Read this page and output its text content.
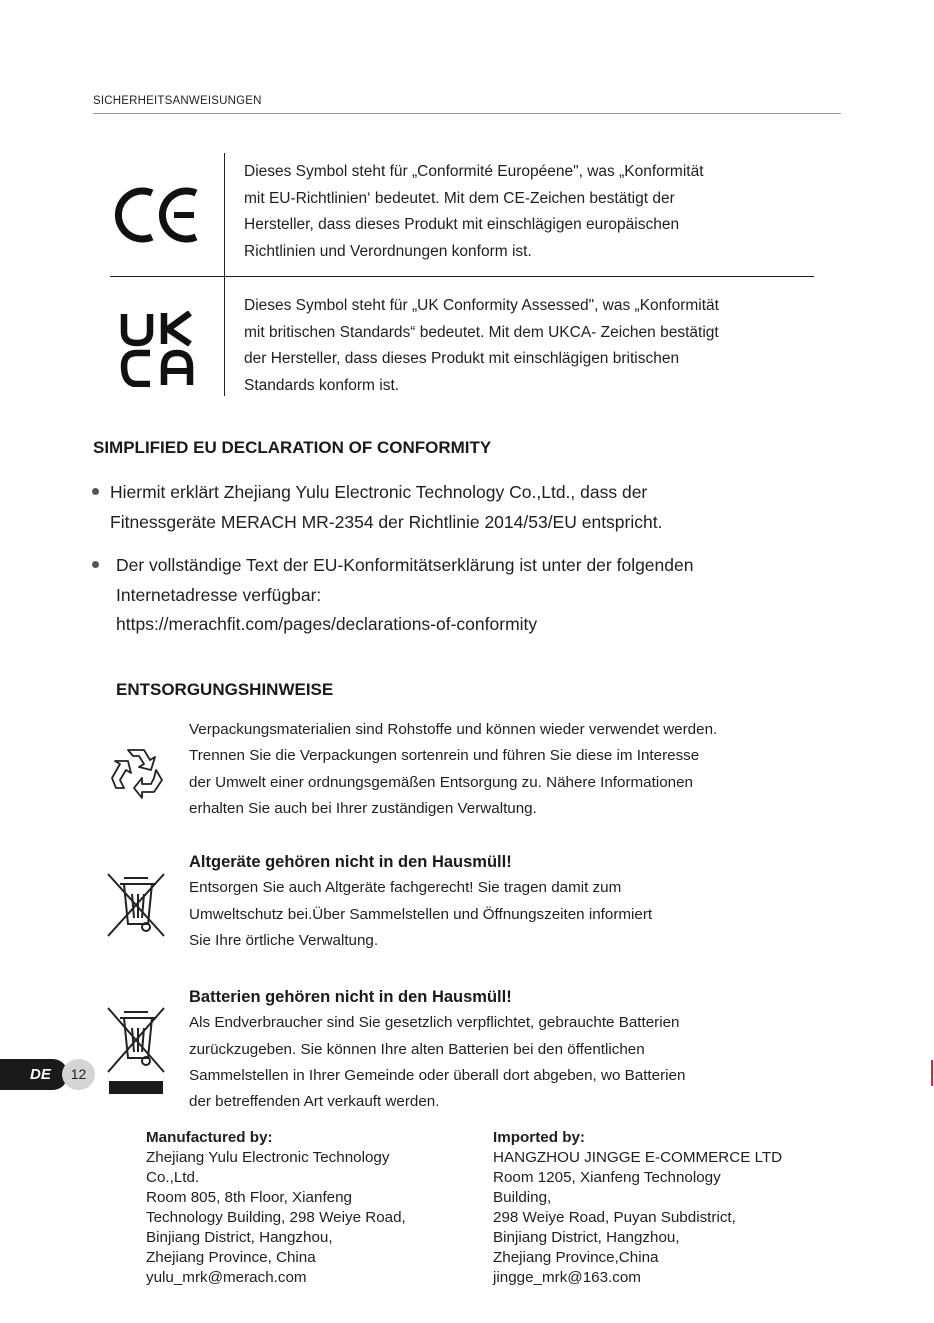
SICHERHEITSANWEISUNGEN
Dieses Symbol steht für „Conformité Européene", was „Konformität
mit EU-Richtlinien‘ bedeutet. Mit dem CE-Zeichen bestätigt der
Hersteller, dass dieses Produkt mit einschlägigen europäischen
Richtlinien und Verordnungen konform ist.
Dieses Symbol steht für „UK Conformity Assessed", was „Konformität
mit britischen Standards“ bedeutet. Mit dem UKCA- Zeichen bestätigt
der Hersteller, dass dieses Produkt mit einschlägigen britischen
Standards konform ist.
SIMPLIFIED EU DECLARATION OF CONFORMITY
Hiermit erklärt Zhejiang Yulu Electronic Technology Co.,Ltd., dass der
Fitnessgeräte MERACH MR-2354 der Richtlinie 2014/53/EU entspricht.
Der vollständige Text der EU-Konformitätserklärung ist unter der folgenden
Internetadresse verfügbar:
https://merachfit.com/pages/declarations-of-conformity
ENTSORGUNGSHINWEISE
Verpackungsmaterialien sind Rohstoffe und können wieder verwendet werden.
Trennen Sie die Verpackungen sortenrein und führen Sie diese im Interesse
der Umwelt einer ordnungsgemäßen Entsorgung zu. Nähere Informationen
erhalten Sie auch bei Ihrer zuständigen Verwaltung.
Altgeräte gehören nicht in den Hausmüll!
Entsorgen Sie auch Altgeräte fachgerecht! Sie tragen damit zum
Umweltschutz bei.Über Sammelstellen und Öffnungszeiten informiert
Sie Ihre örtliche Verwaltung.
Batterien gehören nicht in den Hausmüll!
Als Endverbraucher sind Sie gesetzlich verpflichtet, gebrauchte Batterien
zurückzugeben. Sie können Ihre alten Batterien bei den öffentlichen
Sammelstellen in Ihrer Gemeinde oder überall dort abgeben, wo Batterien
der betreffenden Art verkauft werden.
Manufactured by:
Zhejiang Yulu Electronic Technology
Co.,Ltd.
Room 805, 8th Floor, Xianfeng
Technology Building, 298 Weiye Road,
Binjiang District, Hangzhou,
Zhejiang Province, China
yulu_mrk@merach.com
Imported by:
HANGZHOU JINGGE E-COMMERCE LTD
Room 1205, Xianfeng Technology
Building,
298 Weiye Road, Puyan Subdistrict,
Binjiang District, Hangzhou,
Zhejiang Province,China
jingge_mrk@163.com
DE	12
